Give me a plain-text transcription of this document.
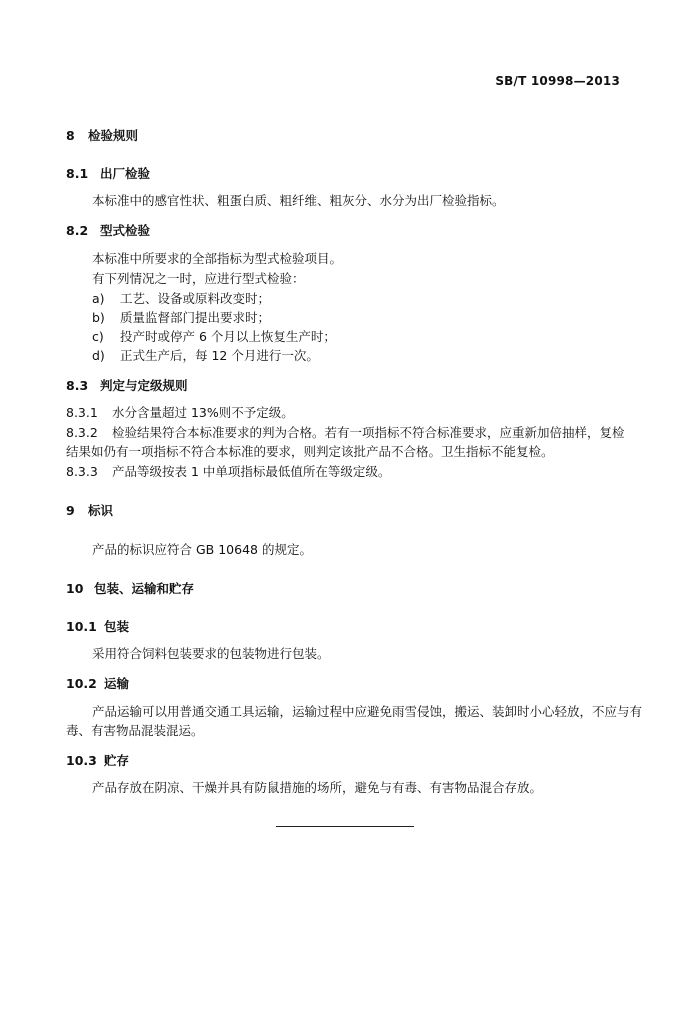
SB/T 10998—2013
8 检验规则
8.1 出厂检验
本标准中的感官性状、粗蛋白质、粗纤维、粗灰分、水分为出厂检验指标。
8.2 型式检验
本标准中所要求的全部指标为型式检验项目。
有下列情况之一时，应进行型式检验：
a) 工艺、设备或原料改变时；
b) 质量监督部门提出要求时；
c) 投产时或停产 6 个月以上恢复生产时；
d) 正式生产后，每 12 个月进行一次。
8.3 判定与定级规则
8.3.1 水分含量超过 13%则不予定级。
8.3.2 检验结果符合本标准要求的判为合格。若有一项指标不符合标准要求，应重新加倍抽样，复检
结果如仍有一项指标不符合本标准的要求，则判定该批产品不合格。卫生指标不能复检。
8.3.3 产品等级按表 1 中单项指标最低值所在等级定级。
9 标识
产品的标识应符合 GB 10648 的规定。
10 包装、运输和贮存
10.1 包装
采用符合饲料包装要求的包装物进行包装。
10.2 运输
产品运输可以用普通交通工具运输，运输过程中应避免雨雪侵蚀，搬运、装卸时小心轻放，不应与有
毒、有害物品混装混运。
10.3 贮存
产品存放在阴凉、干燥并具有防鼠措施的场所，避免与有毒、有害物品混合存放。
